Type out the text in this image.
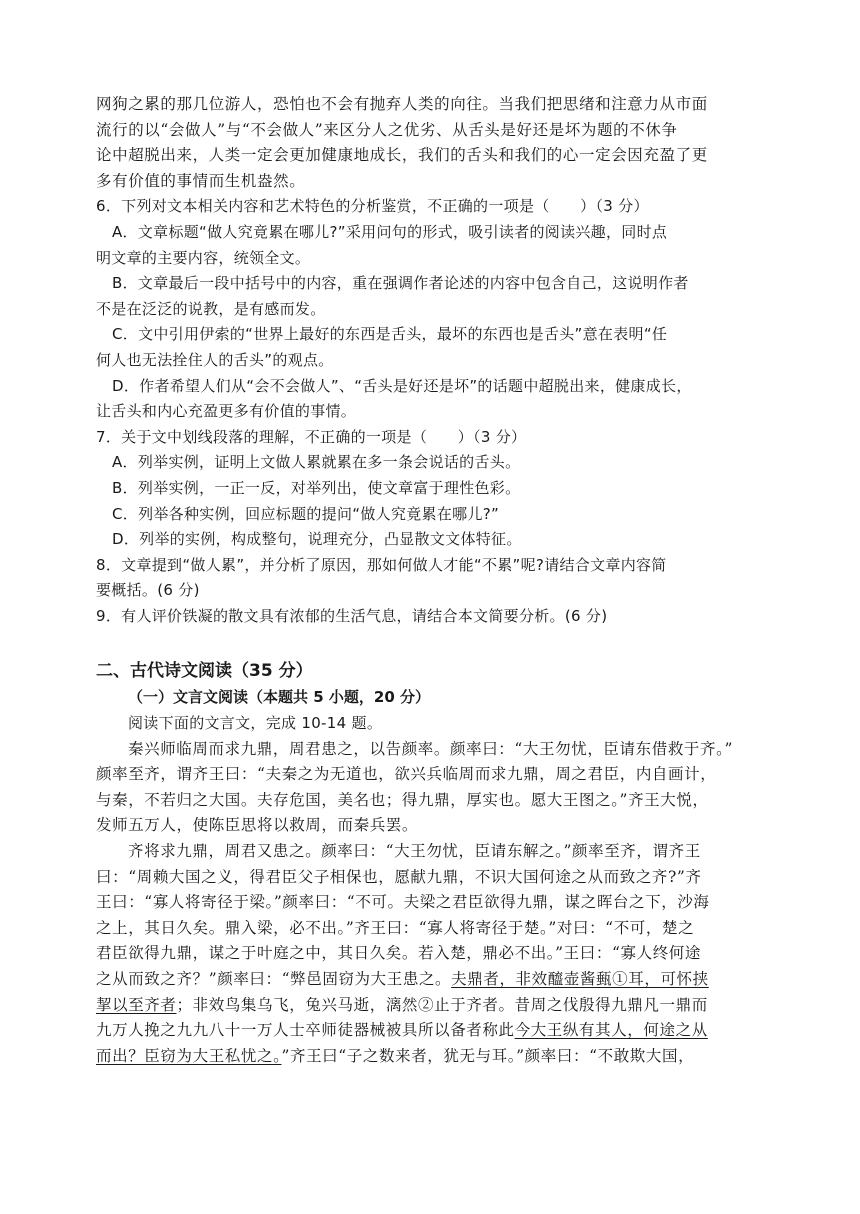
网狗之累的那几位游人，恐怕也不会有抛弃人类的向往。当我们把思绪和注意力从市面
流行的以“会做人”与“不会做人”来区分人之优劣、从舌头是好还是坏为题的不休争
论中超脱出来，人类一定会更加健康地成长，我们的舌头和我们的心一定会因充盈了更
多有价值的事情而生机盎然。
6．下列对文本相关内容和艺术特色的分析鉴赏，不正确的一项是（　　）（3 分）
A．文章标题“做人究竟累在哪儿?”采用问句的形式，吸引读者的阅读兴趣，同时点
明文章的主要内容，统领全文。
B．文章最后一段中括号中的内容，重在强调作者论述的内容中包含自己，这说明作者
不是在泛泛的说教，是有感而发。
C．文中引用伊索的“世界上最好的东西是舌头，最坏的东西也是舌头”意在表明“任
何人也无法拴住人的舌头”的观点。
D．作者希望人们从“会不会做人”、“舌头是好还是坏”的话题中超脱出来，健康成长，
让舌头和内心充盈更多有价值的事情。
7．关于文中划线段落的理解，不正确的一项是（　　）（3 分）
A．列举实例，证明上文做人累就累在多一条会说话的舌头。
B．列举实例，一正一反，对举列出，使文章富于理性色彩。
C．列举各种实例，回应标题的提问“做人究竟累在哪儿?”
D．列举的实例，构成整句，说理充分，凸显散文文体特征。
8．文章提到“做人累”，并分析了原因，那如何做人才能“不累”呢?请结合文章内容简
要概括。(6 分)
9．有人评价铁凝的散文具有浓郁的生活气息，请结合本文简要分析。(6 分)
二、古代诗文阅读（35 分）
（一）文言文阅读（本题共 5 小题，20 分）
阅读下面的文言文，完成 10-14 题。
秦兴师临周而求九鼎，周君患之，以告颜率。颜率曰：“大王勿忧，臣请东借救于齐。”
颜率至齐，谓齐王曰：“夫秦之为无道也，欲兴兵临周而求九鼎，周之君臣，内自画计，
与秦，不若归之大国。夫存危国，美名也；得九鼎，厚实也。愿大王图之。”齐王大悦，
发师五万人，使陈臣思将以救周，而秦兵罢。
齐将求九鼎，周君又患之。颜率曰：“大王勿忧，臣请东解之。”颜率至齐，谓齐王
曰：“周赖大国之义，得君臣父子相保也，愿献九鼎，不识大国何途之从而致之齐?”齐
王曰：“寡人将寄径于梁。”颜率曰：“不可。夫梁之君臣欲得九鼎，谋之晖台之下，沙海
之上，其日久矣。鼎入梁，必不出。”齐王曰：“寡人将寄径于楚。”对曰：“不可，楚之
君臣欲得九鼎，谋之于叶庭之中，其日久矣。若入楚，鼎必不出。”王曰：“寡人终何途
之从而致之齐？”颜率曰：“弊邑固窃为大王患之。夫鼎者，非效醯壶酱甀①耳，可怀挟
挈以至齐者；非效鸟集乌飞，兔兴马逝，漓然②止于齐者。昔周之伐殷得九鼎凡一鼎而
九万人挽之九九八十一万人士卒师徒器械被具所以备者称此今大王纵有其人，何途之从
而出？臣窃为大王私忧之。”齐王曰“子之数来者，犹无与耳。”颜率曰：“不敢欺大国，
